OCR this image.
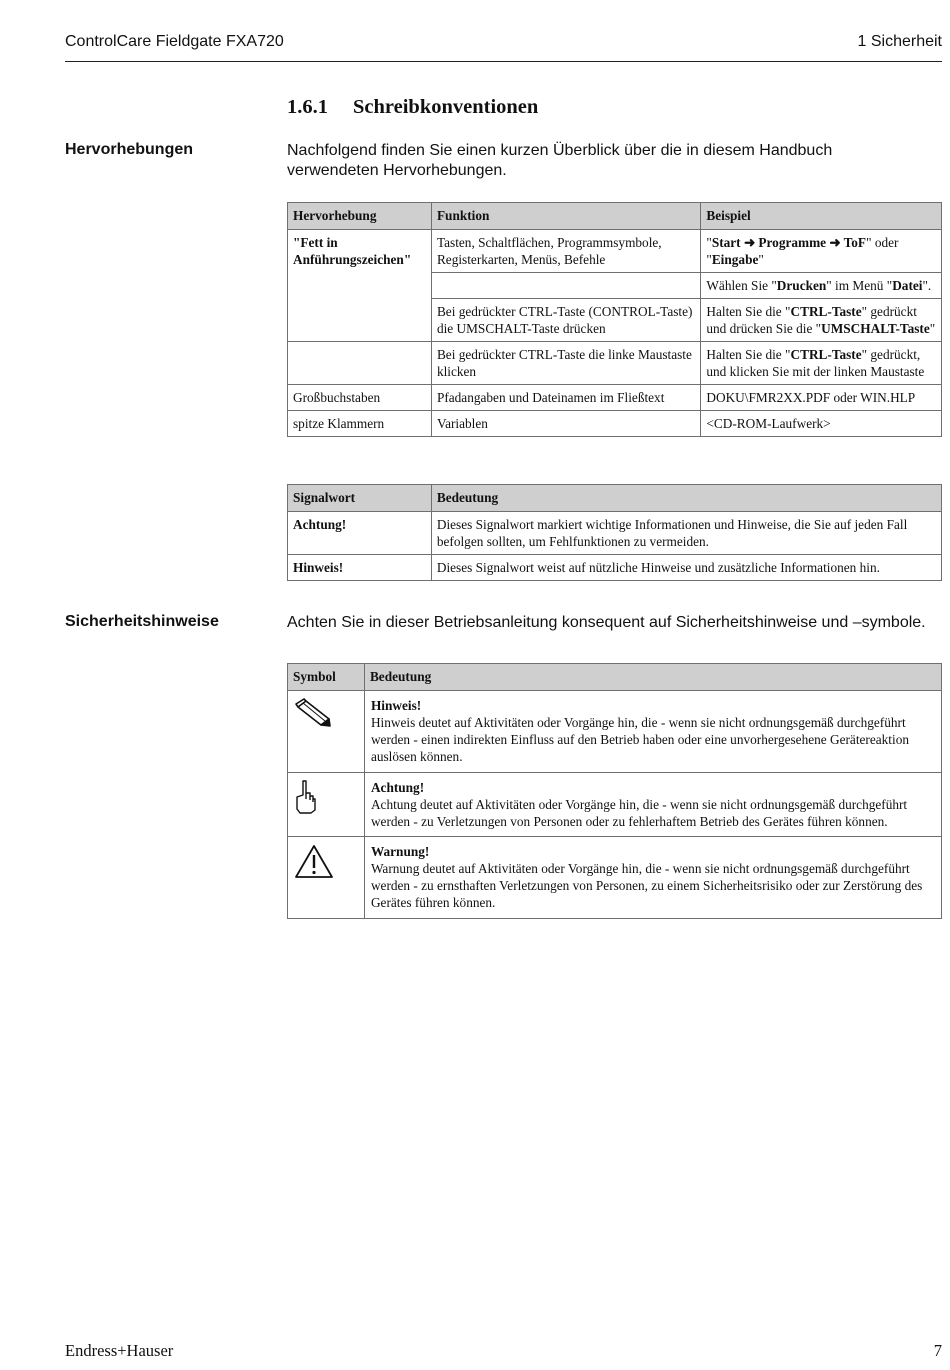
ControlCare Fieldgate FXA720	1 Sicherheit
1.6.1 Schreibkonventionen
Hervorhebungen	Nachfolgend finden Sie einen kurzen Überblick über die in diesem Handbuch verwendeten Hervorhebungen.
Hervorhebung	Funktion	Beispiel
"Fett in Anführungszeichen"	Tasten, Schaltflächen, Programmsymbole, Registerkarten, Menüs, Befehle	"Start ➜ Programme ➜ ToF" oder "Eingabe"
		Wählen Sie "Drucken" im Menü "Datei".
	Bei gedrückter CTRL-Taste (CONTROL-Taste) die UMSCHALT-Taste drücken	Halten Sie die "CTRL-Taste" gedrückt und drücken Sie die "UMSCHALT-Taste"
	Bei gedrückter CTRL-Taste die linke Maustaste klicken	Halten Sie die "CTRL-Taste" gedrückt, und klicken Sie mit der linken Maustaste
Großbuchstaben	Pfadangaben und Dateinamen im Fließtext	DOKU\FMR2XX.PDF oder WIN.HLP
spitze Klammern	Variablen	<CD-ROM-Laufwerk>
Signalwort	Bedeutung
Achtung!	Dieses Signalwort markiert wichtige Informationen und Hinweise, die Sie auf jeden Fall befolgen sollten, um Fehlfunktionen zu vermeiden.
Hinweis!	Dieses Signalwort weist auf nützliche Hinweise und zusätzliche Informationen hin.
Sicherheitshinweise	Achten Sie in dieser Betriebsanleitung konsequent auf Sicherheitshinweise und –symbole.
Symbol	Bedeutung

Hinweis!
Hinweis deutet auf Aktivitäten oder Vorgänge hin, die - wenn sie nicht ordnungsgemäß durchgeführt werden - einen indirekten Einfluss auf den Betrieb haben oder eine unvorhergesehene Gerätereaktion auslösen können.

Achtung!
Achtung deutet auf Aktivitäten oder Vorgänge hin, die - wenn sie nicht ordnungsgemäß durchgeführt werden - zu Verletzungen von Personen oder zu fehlerhaftem Betrieb des Gerätes führen können.

Warnung!
Warnung deutet auf Aktivitäten oder Vorgänge hin, die - wenn sie nicht ordnungsgemäß durchgeführt werden - zu ernsthaften Verletzungen von Personen, zu einem Sicherheitsrisiko oder zur Zerstörung des Gerätes führen können.
Endress+Hauser	7
